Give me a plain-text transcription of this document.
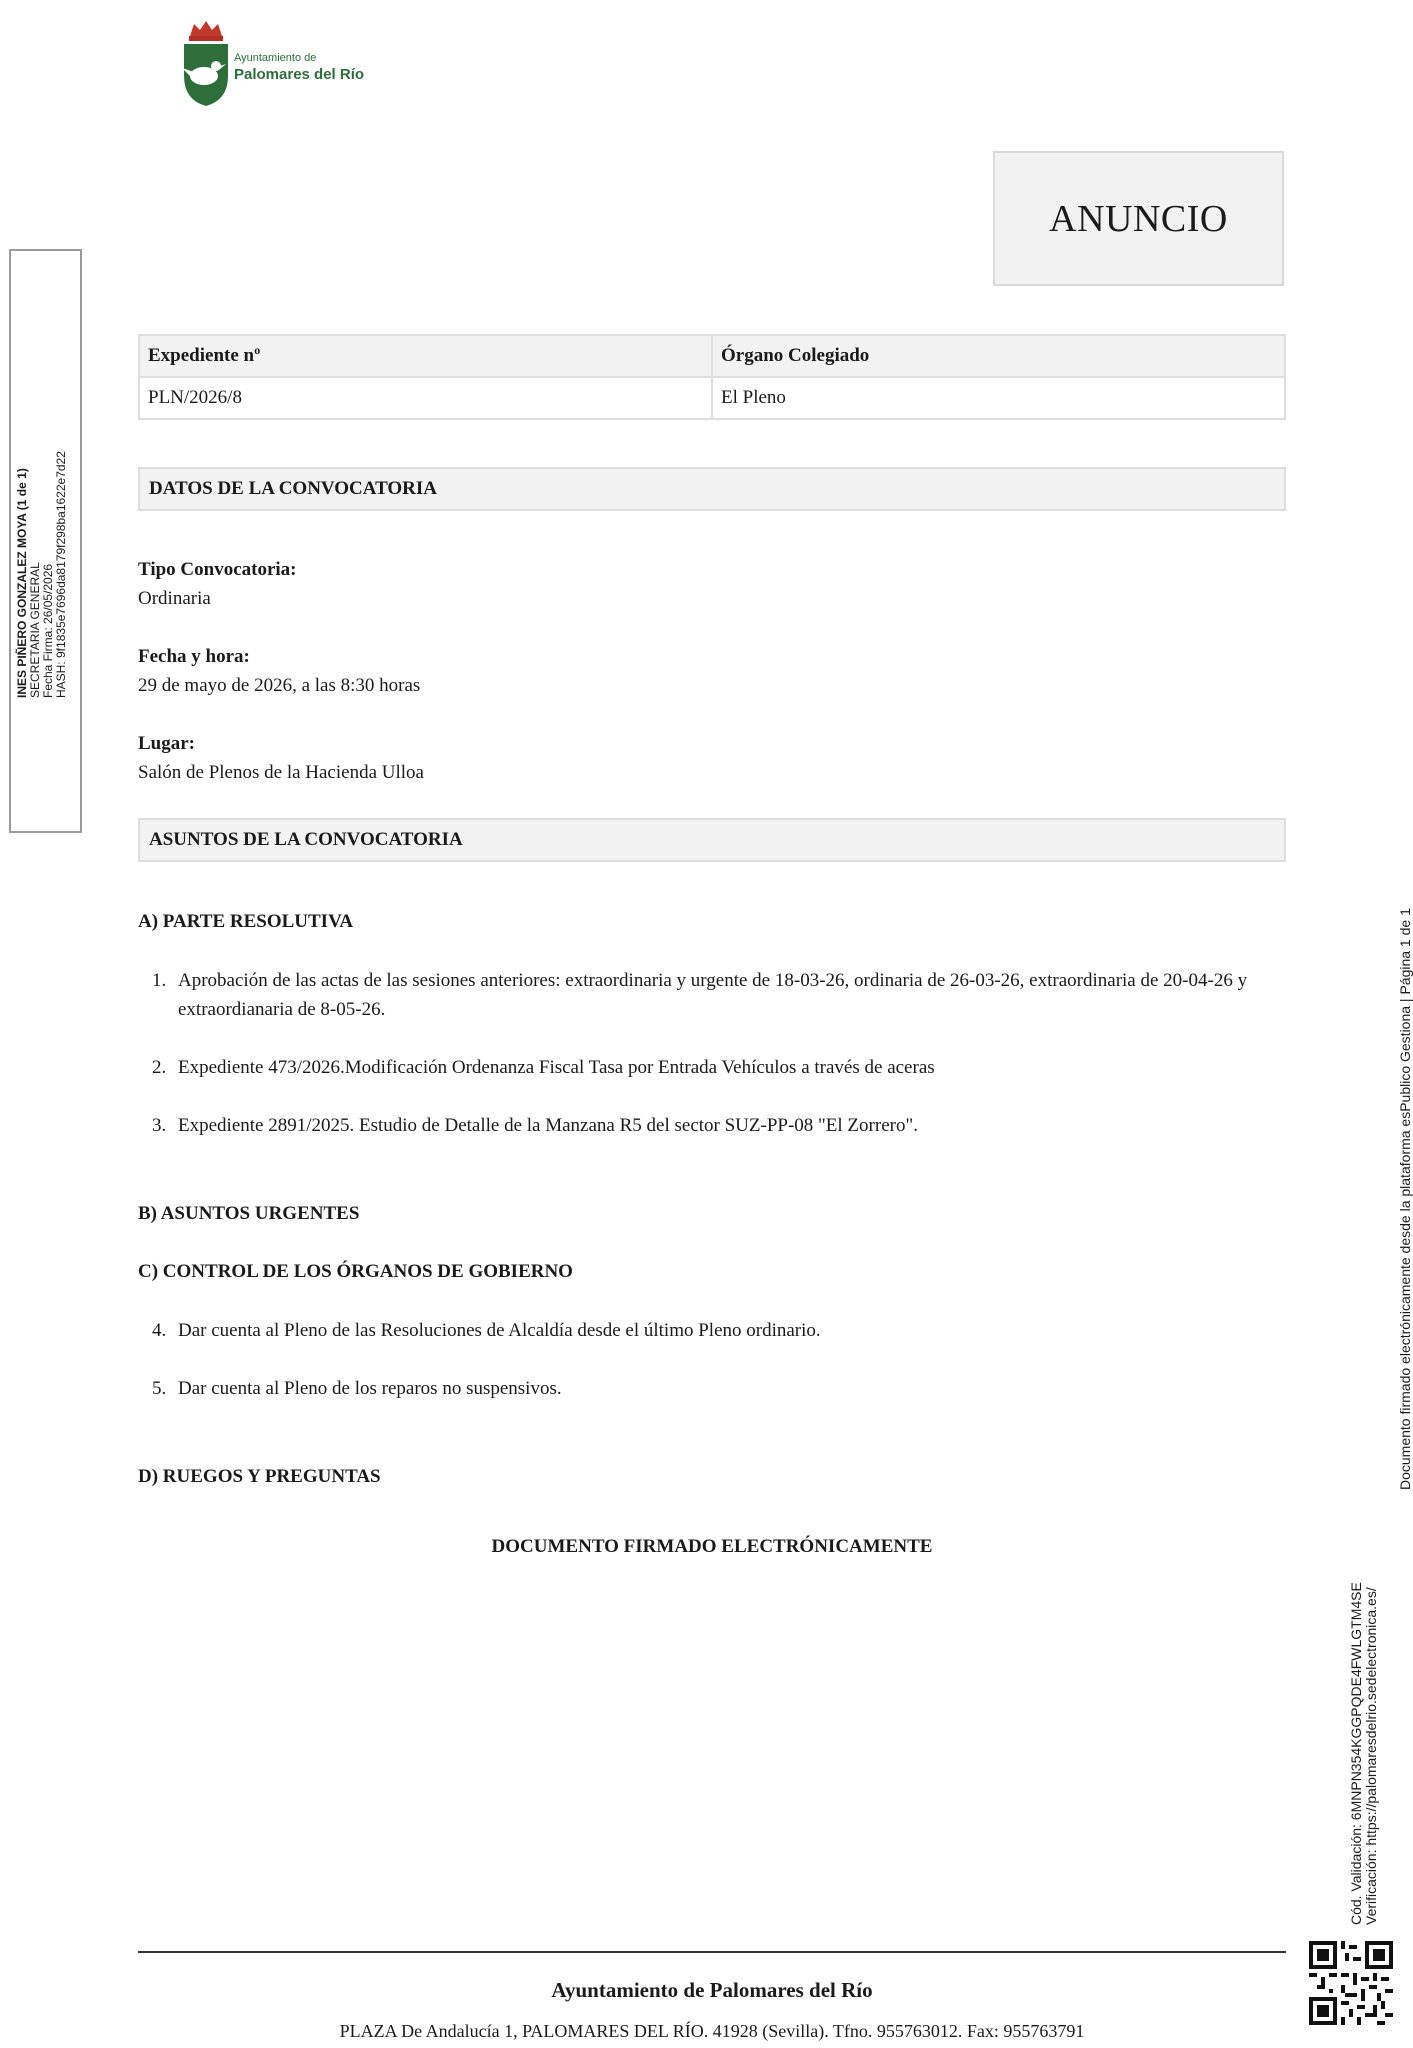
Ayuntamiento de
Palomares del Río
ANUNCIO
INES PIÑERO GONZALEZ MOYA (1 de 1) SECRETARIA GENERAL Fecha Firma: 26/05/2026 HASH: 9f1835e7696da8179f298ba1622e7d22
Expediente nº	Órgano Colegiado
PLN/2026/8	El Pleno
DATOS DE LA CONVOCATORIA
Tipo Convocatoria:
Ordinaria
Fecha y hora:
29 de mayo de 2026, a las 8:30 horas
Lugar:
Salón de Plenos de la Hacienda Ulloa
ASUNTOS DE LA CONVOCATORIA
A) PARTE RESOLUTIVA
1. Aprobación de las actas de las sesiones anteriores: extraordinaria y urgente de 18-03-26, ordinaria de 26-03-26, extraordinaria de 20-04-26 y extraordianaria de 8-05-26.
2. Expediente 473/2026.Modificación Ordenanza Fiscal Tasa por Entrada Vehículos a través de aceras
3. Expediente 2891/2025. Estudio de Detalle de la Manzana R5 del sector SUZ-PP-08 "El Zorrero".
B) ASUNTOS URGENTES
C) CONTROL DE LOS ÓRGANOS DE GOBIERNO
4. Dar cuenta al Pleno de las Resoluciones de Alcaldía desde el último Pleno ordinario.
5. Dar cuenta al Pleno de los reparos no suspensivos.
D) RUEGOS Y PREGUNTAS
DOCUMENTO FIRMADO ELECTRÓNICAMENTE
Cód. Validación: 6MNPN354KGGPQDE4FWLGTM4SE Verificación: https://palomaresdelrio.sedelectronica.es/
Documento firmado electrónicamente desde la plataforma esPublico Gestiona | Página 1 de 1
Ayuntamiento de Palomares del Río
PLAZA De Andalucía 1, PALOMARES DEL RÍO. 41928 (Sevilla). Tfno. 955763012. Fax: 955763791
